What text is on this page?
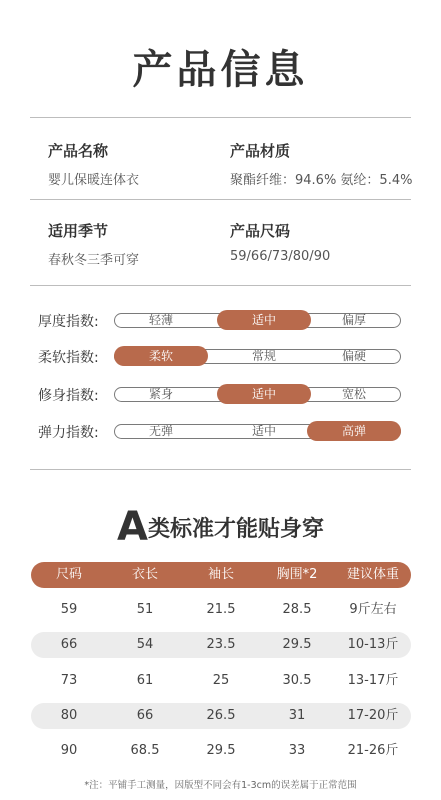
产品信息
产品名称
婴儿保暖连体衣
产品材质
聚酯纤维：94.6% 氨纶：5.4%
适用季节
春秋冬三季可穿
产品尺码
59/66/73/80/90
厚度指数:	轻薄	适中	偏厚
柔软指数:	柔软	常规	偏硬
修身指数:	紧身	适中	宽松
弹力指数:	无弹	适中	高弹
A类标准才能贴身穿
尺码	衣长	袖长	胸围*2	建议体重
59	51	21.5	28.5	9斤左右
66	54	23.5	29.5	10-13斤
73	61	25	30.5	13-17斤
80	66	26.5	31	17-20斤
90	68.5	29.5	33	21-26斤
*注：平铺手工测量，因版型不同会有1-3cm的误差属于正常范围
